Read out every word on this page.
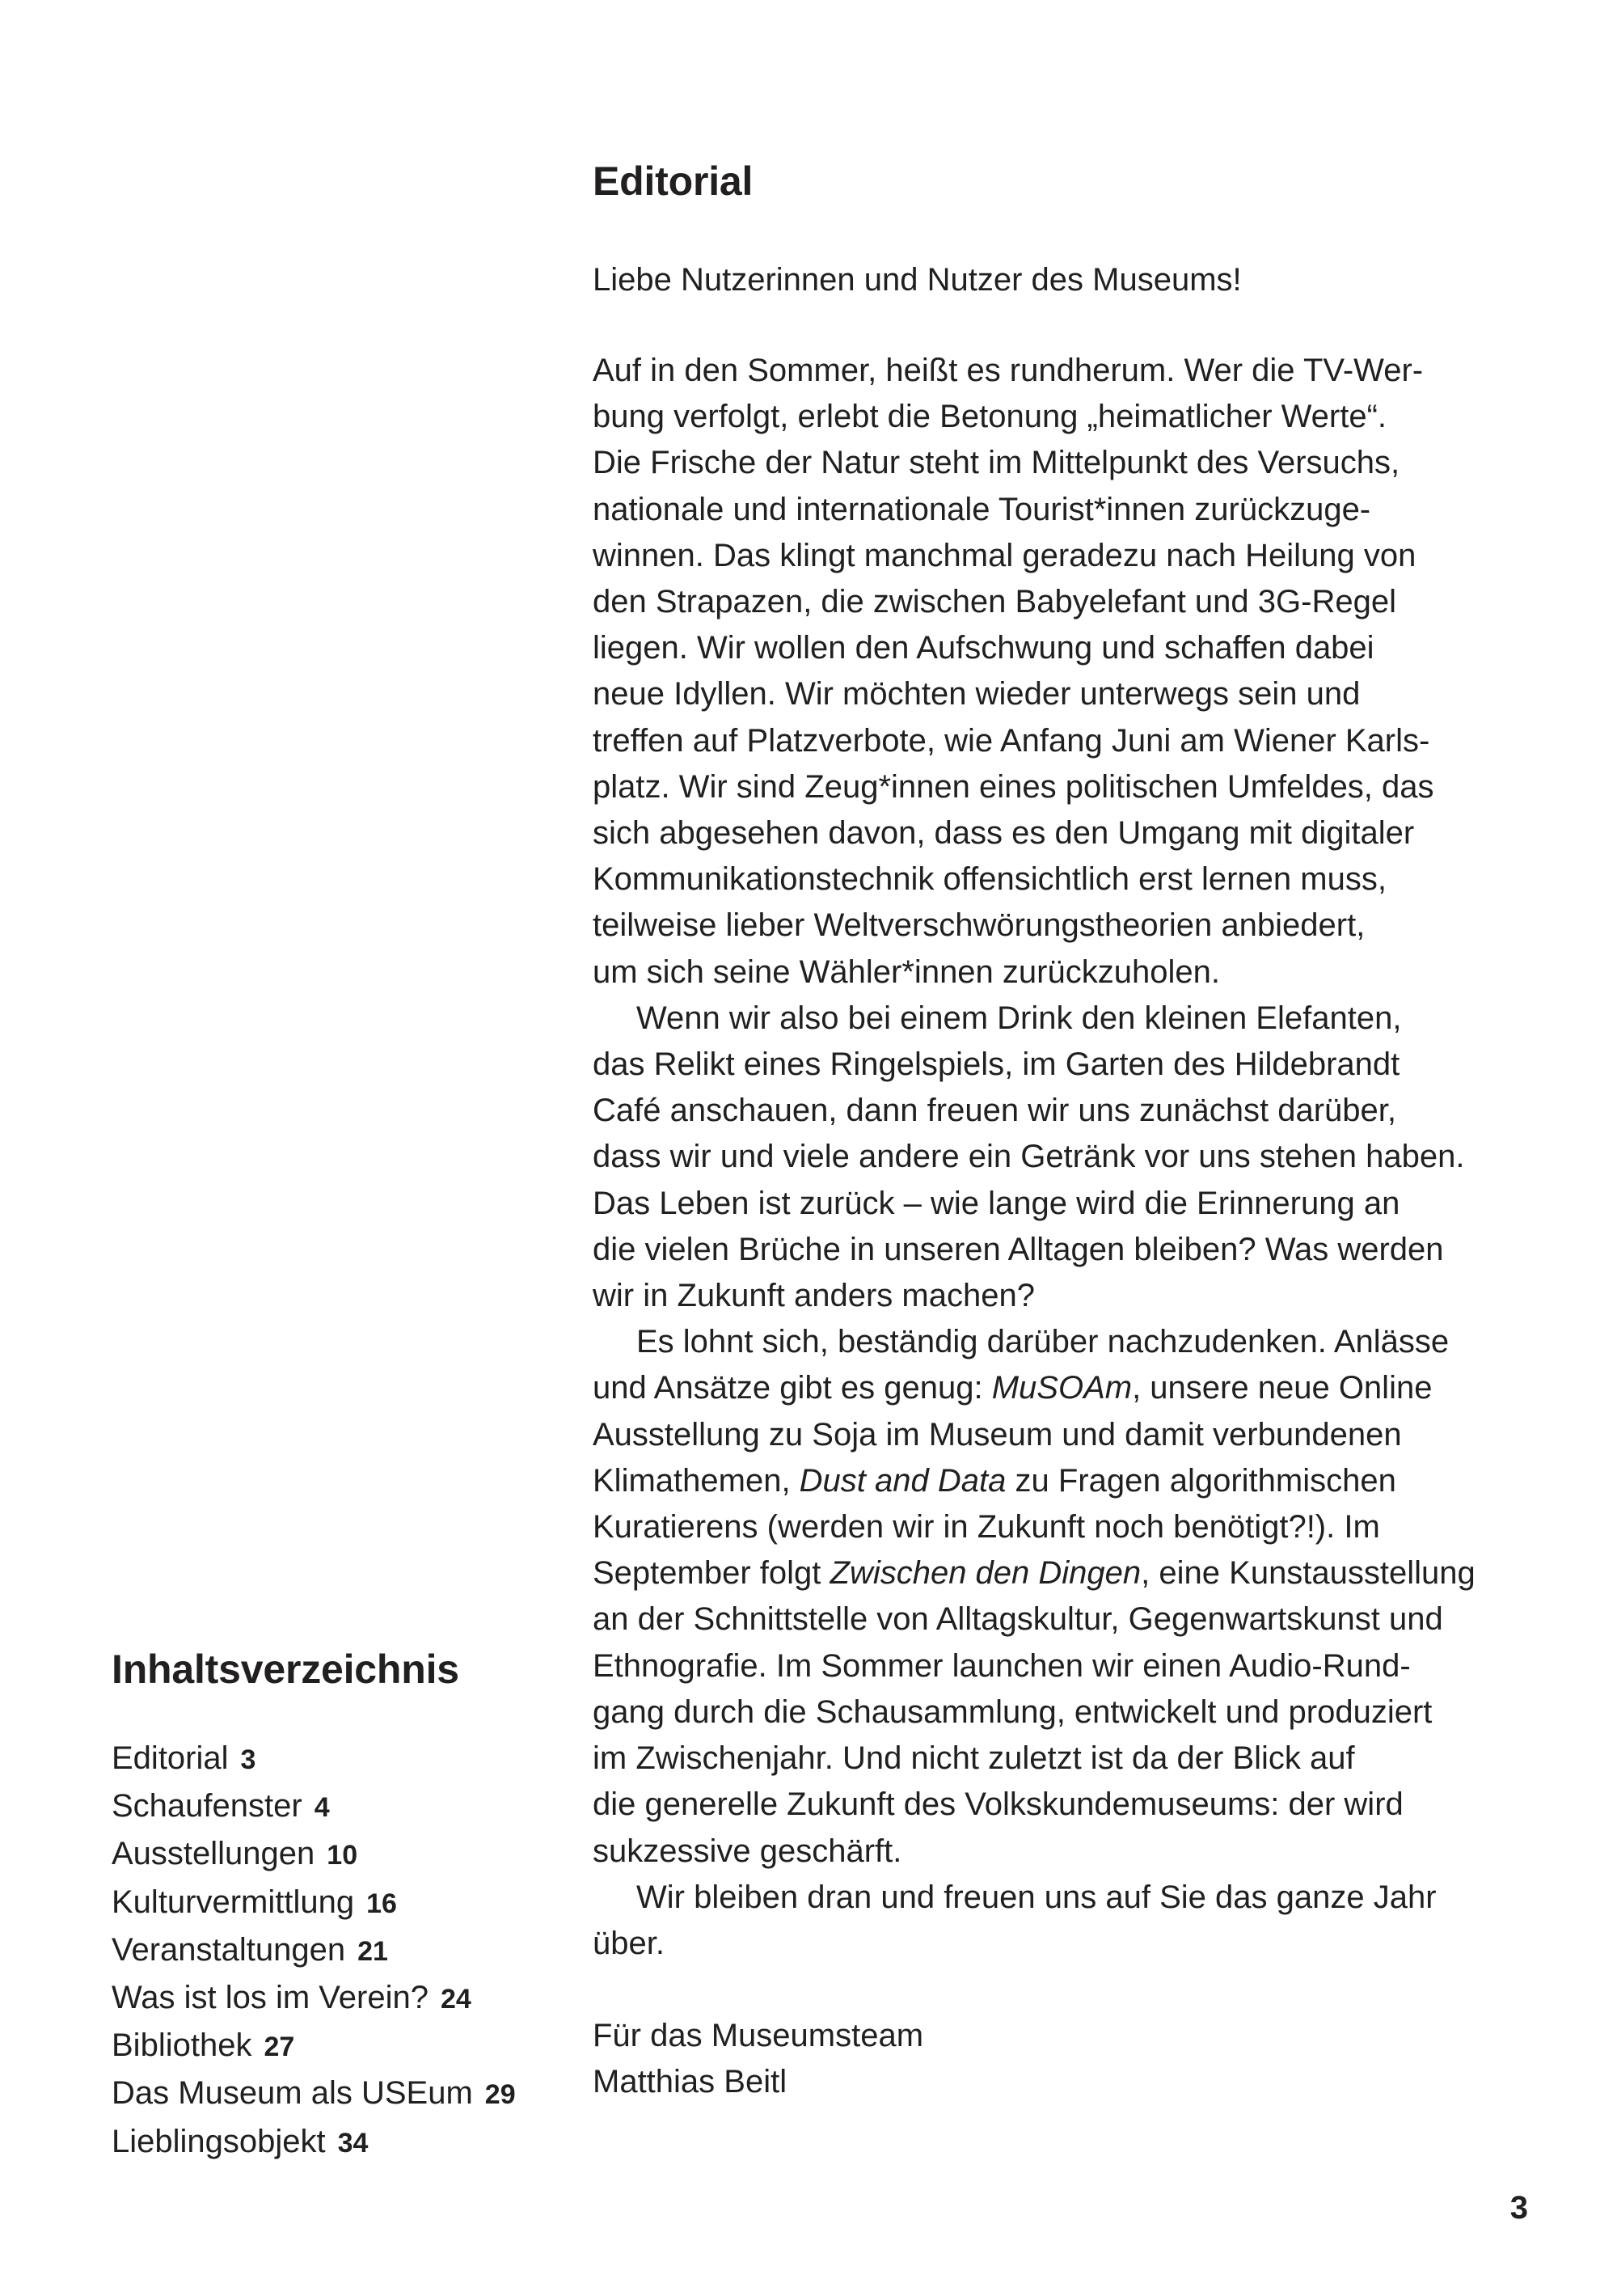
Editorial
Liebe Nutzerinnen und Nutzer des Museums!
Auf in den Sommer, heißt es rundherum. Wer die TV-Wer-
bung verfolgt, erlebt die Betonung „heimatlicher Werte“.
Die Frische der Natur steht im Mittelpunkt des Versuchs,
nationale und internationale Tourist*innen zurückzuge-
winnen. Das klingt manchmal geradezu nach Heilung von
den Strapazen, die zwischen Babyelefant und 3G-Regel
liegen. Wir wollen den Aufschwung und schaffen dabei
neue Idyllen. Wir möchten wieder unterwegs sein und
treffen auf Platzverbote, wie Anfang Juni am Wiener Karls-
platz. Wir sind Zeug*innen eines politischen Umfeldes, das
sich abgesehen davon, dass es den Umgang mit digitaler
Kommunikationstechnik offensichtlich erst lernen muss,
teilweise lieber Weltverschwörungstheorien anbiedert,
um sich seine Wähler*innen zurückzuholen.
Wenn wir also bei einem Drink den kleinen Elefanten,
das Relikt eines Ringelspiels, im Garten des Hildebrandt
Café anschauen, dann freuen wir uns zunächst darüber,
dass wir und viele andere ein Getränk vor uns stehen haben.
Das Leben ist zurück – wie lange wird die Erinnerung an
die vielen Brüche in unseren Alltagen bleiben? Was werden
wir in Zukunft anders machen?
Es lohnt sich, beständig darüber nachzudenken. Anlässe
und Ansätze gibt es genug: MuSOAm, unsere neue Online
Ausstellung zu Soja im Museum und damit verbundenen
Klimathemen, Dust and Data zu Fragen algorithmischen
Kuratierens (werden wir in Zukunft noch benötigt?!). Im
September folgt Zwischen den Dingen, eine Kunstausstellung
an der Schnittstelle von Alltagskultur, Gegenwartskunst und
Ethnografie. Im Sommer launchen wir einen Audio-Rund-
gang durch die Schausammlung, entwickelt und produziert
im Zwischenjahr. Und nicht zuletzt ist da der Blick auf
die generelle Zukunft des Volkskundemuseums: der wird
sukzessive geschärft.
Wir bleiben dran und freuen uns auf Sie das ganze Jahr
über.
Für das Museumsteam
Matthias Beitl
Inhaltsverzeichnis
Editorial 3
Schaufenster 4
Ausstellungen 10
Kulturvermittlung 16
Veranstaltungen 21
Was ist los im Verein? 24
Bibliothek 27
Das Museum als USEum 29
Lieblingsobjekt 34
3
